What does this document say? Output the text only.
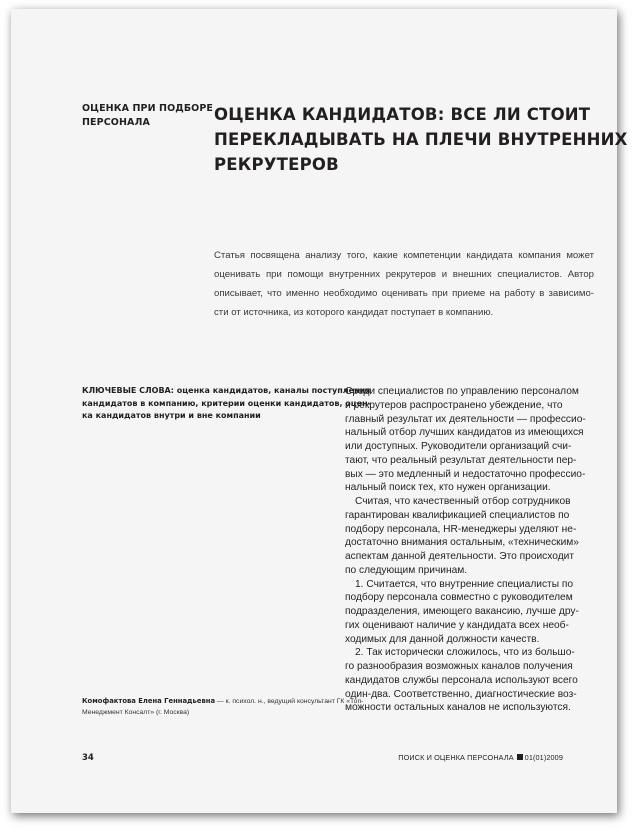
ОЦЕНКА ПРИ ПОДБОРЕ
ПЕРСОНАЛА	ОЦЕНКА КАНДИДАТОВ: ВСЕ ЛИ СТОИТ
ПЕРЕКЛАДЫВАТЬ НА ПЛЕЧИ ВНУТРЕННИХ
РЕКРУТЕРОВ
Статья посвящена анализу того, какие компетенции кандидата компания может
оценивать при помощи внутренних рекрутеров и внешних специалистов. Автор
описывает, что именно необходимо оценивать при приеме на работу в зависимо-
сти от источника, из которого кандидат поступает в компанию.
КЛЮЧЕВЫЕ СЛОВА: оценка кандидатов, каналы поступления
кандидатов в компанию, критерии оценки кандидатов, оцен-
ка кандидатов внутри и вне компании
Среди специалистов по управлению персоналом
и рекрутеров распространено убеждение, что
главный результат их деятельности — профессио-
нальный отбор лучших кандидатов из имеющихся
или доступных. Руководители организаций счи-
тают, что реальный результат деятельности пер-
вых — это медленный и недостаточно профессио-
нальный поиск тех, кто нужен организации.
Считая, что качественный отбор сотрудников
гарантирован квалификацией специалистов по
подбору персонала, HR-менеджеры уделяют не-
достаточно внимания остальным, «техническим»
аспектам данной деятельности. Это происходит
по следующим причинам.
1. Считается, что внутренние специалисты по
подбору персонала совместно с руководителем
подразделения, имеющего вакансию, лучше дру-
гих оценивают наличие у кандидата всех необ-
ходимых для данной должности качеств.
2. Так исторически сложилось, что из большо-
го разнообразия возможных каналов получения
кандидатов службы персонала используют всего
один-два. Соответственно, диагностические воз-
можности остальных каналов не используются.
Комофактова Елена Геннадьевна — к. психол. н., ведущий консультант ГК «Топ-
Менеджмент Консалт» (г. Москва)
34	ПОИСК И ОЦЕНКА ПЕРСОНАЛА 01(01)2009
